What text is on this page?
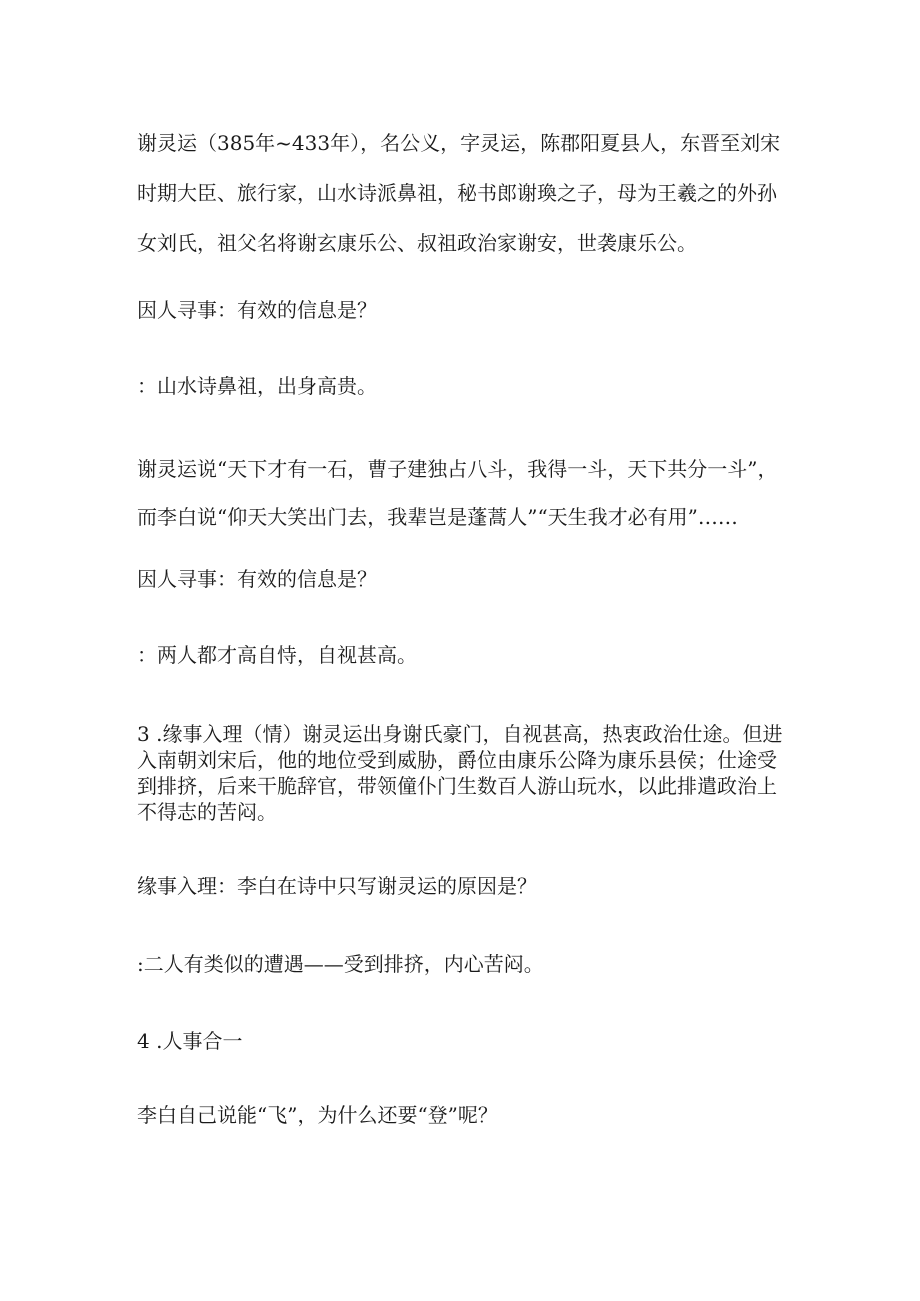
谢灵运（385年~433年），名公义，字灵运，陈郡阳夏县人，东晋至刘宋
时期大臣、旅行家，山水诗派鼻祖，秘书郎谢瑍之子，母为王羲之的外孙
女刘氏，祖父名将谢玄康乐公、叔祖政治家谢安，世袭康乐公。

因人寻事：有效的信息是？

：山水诗鼻祖，出身高贵。

谢灵运说“天下才有一石，曹子建独占八斗，我得一斗，天下共分一斗”，
而李白说“仰天大笑出门去，我辈岂是蓬蒿人”“天生我才必有用”……

因人寻事：有效的信息是？

：两人都才高自恃，自视甚高。

3 .缘事入理（情）谢灵运出身谢氏豪门，自视甚高，热衷政治仕途。但进
入南朝刘宋后，他的地位受到威胁，爵位由康乐公降为康乐县侯；仕途受
到排挤，后来干脆辞官，带领僮仆门生数百人游山玩水，以此排遣政治上
不得志的苦闷。

缘事入理：李白在诗中只写谢灵运的原因是？

:二人有类似的遭遇——受到排挤，内心苦闷。

4 .人事合一

李白自己说能“飞”，为什么还要“登”呢？
